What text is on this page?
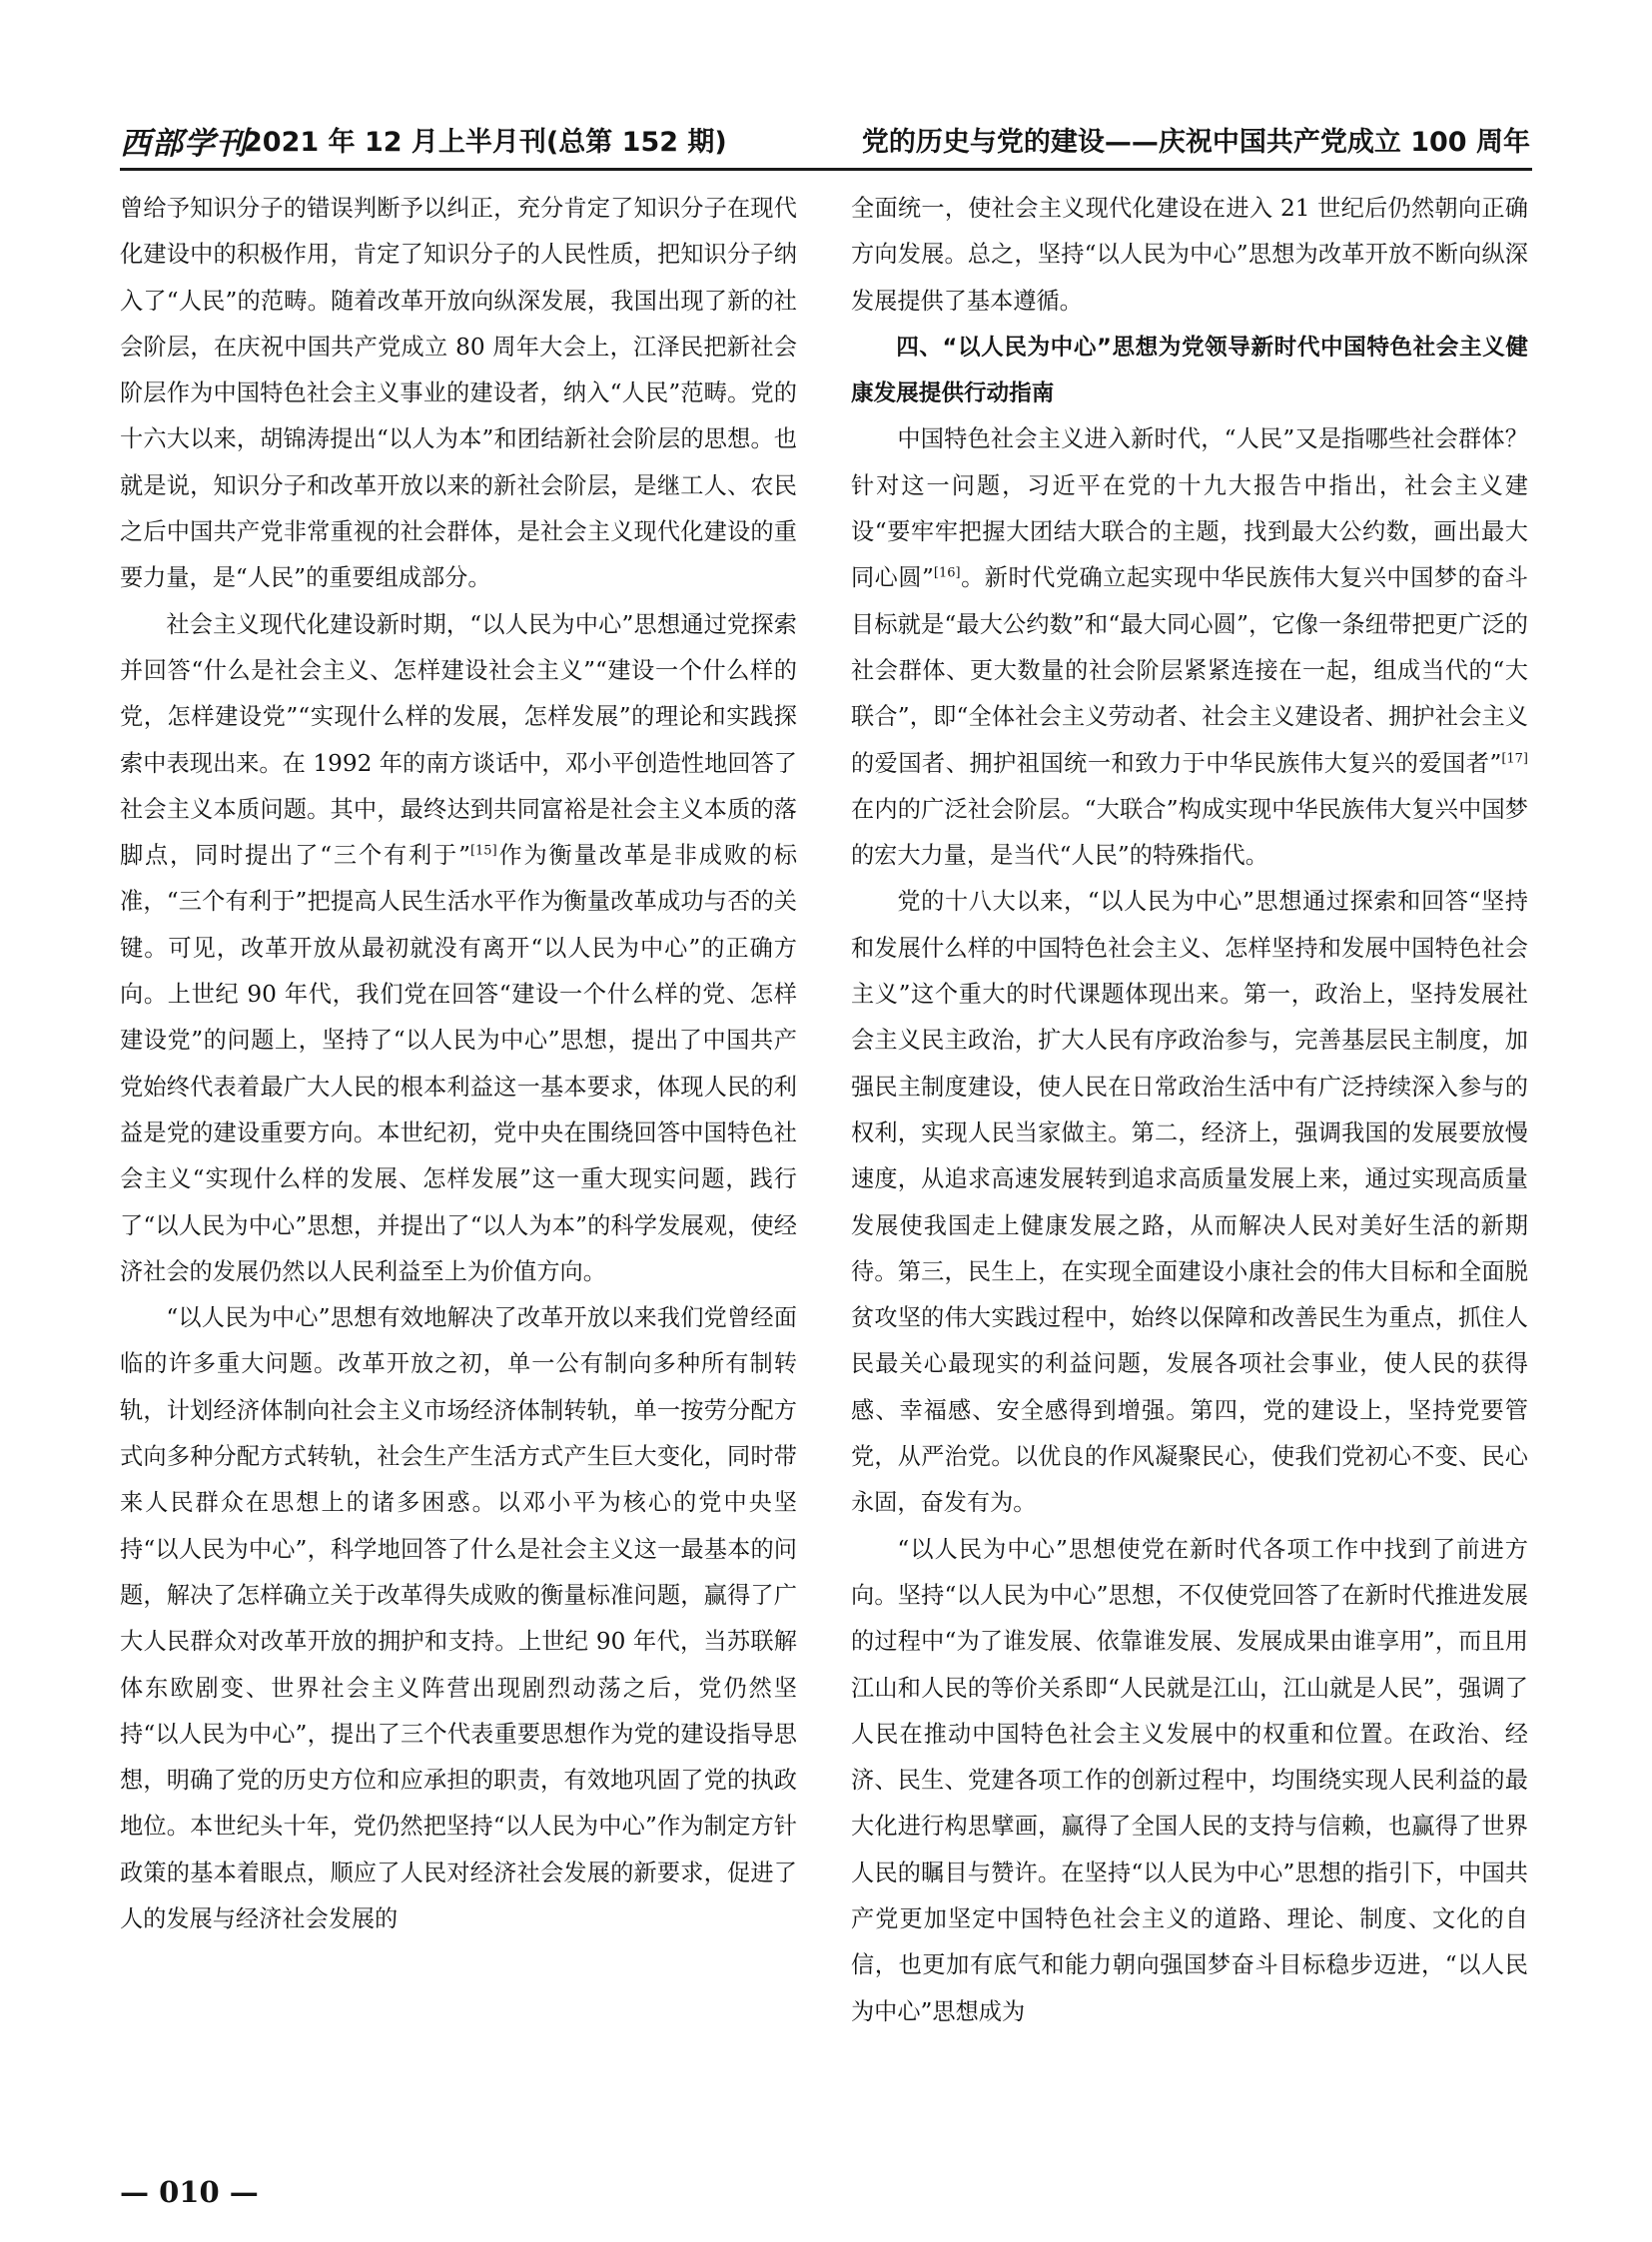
西部学刊
2021 年 12 月上半月刊(总第 152 期)	党的历史与党的建设——庆祝中国共产党成立 100 周年

曾给予知识分子的错误判断予以纠正，充分肯定了知识分子在现代化建设中的积极作用，肯定了知识分子的人民性质，把知识分子纳入了“人民”的范畴。随着改革开放向纵深发展，我国出现了新的社会阶层，在庆祝中国共产党成立 80 周年大会上，江泽民把新社会阶层作为中国特色社会主义事业的建设者，纳入“人民”范畴。党的十六大以来，胡锦涛提出“以人为本”和团结新社会阶层的思想。也就是说，知识分子和改革开放以来的新社会阶层，是继工人、农民之后中国共产党非常重视的社会群体，是社会主义现代化建设的重要力量，是“人民”的重要组成部分。

社会主义现代化建设新时期，“以人民为中心”思想通过党探索并回答“什么是社会主义、怎样建设社会主义”“建设一个什么样的党，怎样建设党”“实现什么样的发展，怎样发展”的理论和实践探索中表现出来。在 1992 年的南方谈话中，邓小平创造性地回答了社会主义本质问题。其中，最终达到共同富裕是社会主义本质的落脚点，同时提出了“三个有利于”[15]作为衡量改革是非成败的标准，“三个有利于”把提高人民生活水平作为衡量改革成功与否的关键。可见，改革开放从最初就没有离开“以人民为中心”的正确方向。上世纪 90 年代，我们党在回答“建设一个什么样的党、怎样建设党”的问题上，坚持了“以人民为中心”思想，提出了中国共产党始终代表着最广大人民的根本利益这一基本要求，体现人民的利益是党的建设重要方向。本世纪初，党中央在围绕回答中国特色社会主义“实现什么样的发展、怎样发展”这一重大现实问题，践行了“以人民为中心”思想，并提出了“以人为本”的科学发展观，使经济社会的发展仍然以人民利益至上为价值方向。

“以人民为中心”思想有效地解决了改革开放以来我们党曾经面临的许多重大问题。改革开放之初，单一公有制向多种所有制转轨，计划经济体制向社会主义市场经济体制转轨，单一按劳分配方式向多种分配方式转轨，社会生产生活方式产生巨大变化，同时带来人民群众在思想上的诸多困惑。以邓小平为核心的党中央坚持“以人民为中心”，科学地回答了什么是社会主义这一最基本的问题，解决了怎样确立关于改革得失成败的衡量标准问题，赢得了广大人民群众对改革开放的拥护和支持。上世纪 90 年代，当苏联解体东欧剧变、世界社会主义阵营出现剧烈动荡之后，党仍然坚持“以人民为中心”，提出了三个代表重要思想作为党的建设指导思想，明确了党的历史方位和应承担的职责，有效地巩固了党的执政地位。本世纪头十年，党仍然把坚持“以人民为中心”作为制定方针政策的基本着眼点，顺应了人民对经济社会发展的新要求，促进了人的发展与经济社会发展的

全面统一，使社会主义现代化建设在进入 21 世纪后仍然朝向正确方向发展。总之，坚持“以人民为中心”思想为改革开放不断向纵深发展提供了基本遵循。

四、“以人民为中心”思想为党领导新时代中国特色社会主义健康发展提供行动指南

中国特色社会主义进入新时代，“人民”又是指哪些社会群体？针对这一问题，习近平在党的十九大报告中指出，社会主义建设“要牢牢把握大团结大联合的主题，找到最大公约数，画出最大同心圆”[16]。新时代党确立起实现中华民族伟大复兴中国梦的奋斗目标就是“最大公约数”和“最大同心圆”，它像一条纽带把更广泛的社会群体、更大数量的社会阶层紧紧连接在一起，组成当代的“大联合”，即“全体社会主义劳动者、社会主义建设者、拥护社会主义的爱国者、拥护祖国统一和致力于中华民族伟大复兴的爱国者”[17]在内的广泛社会阶层。“大联合”构成实现中华民族伟大复兴中国梦的宏大力量，是当代“人民”的特殊指代。

党的十八大以来，“以人民为中心”思想通过探索和回答“坚持和发展什么样的中国特色社会主义、怎样坚持和发展中国特色社会主义”这个重大的时代课题体现出来。第一，政治上，坚持发展社会主义民主政治，扩大人民有序政治参与，完善基层民主制度，加强民主制度建设，使人民在日常政治生活中有广泛持续深入参与的权利，实现人民当家做主。第二，经济上，强调我国的发展要放慢速度，从追求高速发展转到追求高质量发展上来，通过实现高质量发展使我国走上健康发展之路，从而解决人民对美好生活的新期待。第三，民生上，在实现全面建设小康社会的伟大目标和全面脱贫攻坚的伟大实践过程中，始终以保障和改善民生为重点，抓住人民最关心最现实的利益问题，发展各项社会事业，使人民的获得感、幸福感、安全感得到增强。第四，党的建设上，坚持党要管党，从严治党。以优良的作风凝聚民心，使我们党初心不变、民心永固，奋发有为。

“以人民为中心”思想使党在新时代各项工作中找到了前进方向。坚持“以人民为中心”思想，不仅使党回答了在新时代推进发展的过程中“为了谁发展、依靠谁发展、发展成果由谁享用”，而且用江山和人民的等价关系即“人民就是江山，江山就是人民”，强调了人民在推动中国特色社会主义发展中的权重和位置。在政治、经济、民生、党建各项工作的创新过程中，均围绕实现人民利益的最大化进行构思擘画，赢得了全国人民的支持与信赖，也赢得了世界人民的瞩目与赞许。在坚持“以人民为中心”思想的指引下，中国共产党更加坚定中国特色社会主义的道路、理论、制度、文化的自信，也更加有底气和能力朝向强国梦奋斗目标稳步迈进，“以人民为中心”思想成为

— 010 —
